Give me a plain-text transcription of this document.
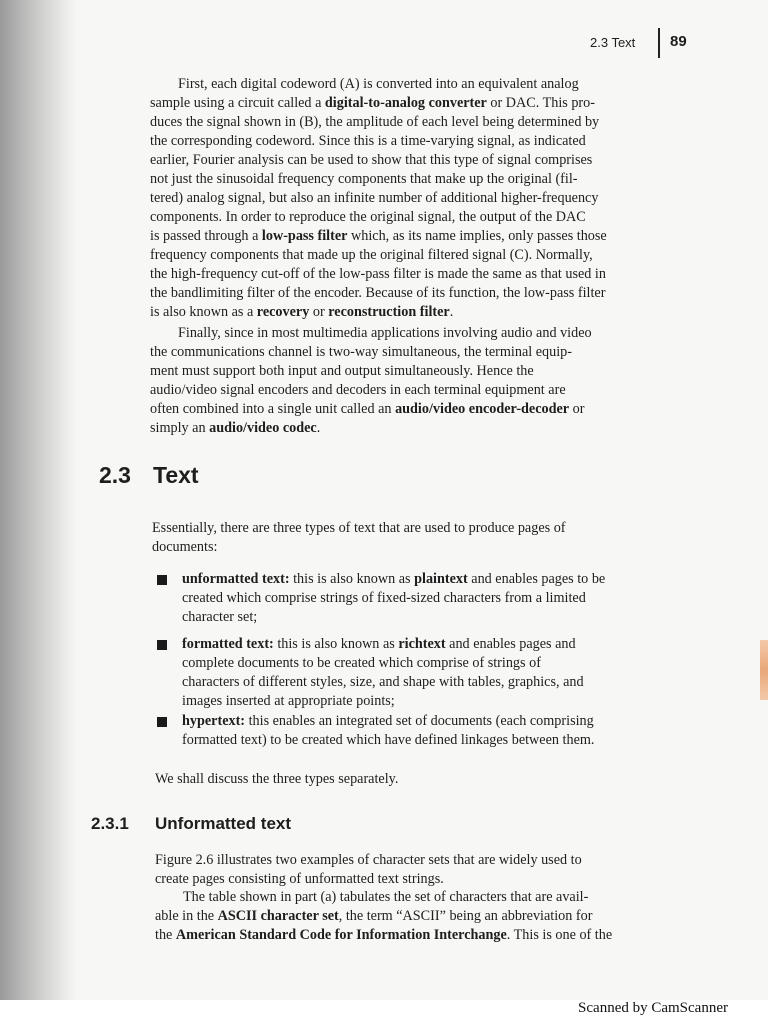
2.3 Text 89
First, each digital codeword (A) is converted into an equivalent analog
sample using a circuit called a digital-to-analog converter or DAC. This pro-
duces the signal shown in (B), the amplitude of each level being determined by
the corresponding codeword. Since this is a time-varying signal, as indicated
earlier, Fourier analysis can be used to show that this type of signal comprises
not just the sinusoidal frequency components that make up the original (fil-
tered) analog signal, but also an infinite number of additional higher-frequency
components. In order to reproduce the original signal, the output of the DAC
is passed through a low-pass filter which, as its name implies, only passes those
frequency components that made up the original filtered signal (C). Normally,
the high-frequency cut-off of the low-pass filter is made the same as that used in
the bandlimiting filter of the encoder. Because of its function, the low-pass filter
is also known as a recovery or reconstruction filter.
Finally, since in most multimedia applications involving audio and video
the communications channel is two-way simultaneous, the terminal equip-
ment must support both input and output simultaneously. Hence the
audio/video signal encoders and decoders in each terminal equipment are
often combined into a single unit called an audio/video encoder-decoder or
simply an audio/video codec.
2.3 Text
Essentially, there are three types of text that are used to produce pages of
documents:
unformatted text: this is also known as plaintext and enables pages to be
created which comprise strings of fixed-sized characters from a limited
character set;
formatted text: this is also known as richtext and enables pages and
complete documents to be created which comprise of strings of
characters of different styles, size, and shape with tables, graphics, and
images inserted at appropriate points;
hypertext: this enables an integrated set of documents (each comprising
formatted text) to be created which have defined linkages between them.
We shall discuss the three types separately.
2.3.1 Unformatted text
Figure 2.6 illustrates two examples of character sets that are widely used to
create pages consisting of unformatted text strings.
The table shown in part (a) tabulates the set of characters that are avail-
able in the ASCII character set, the term “ASCII” being an abbreviation for
the American Standard Code for Information Interchange. This is one of the
Scanned by CamScanner
